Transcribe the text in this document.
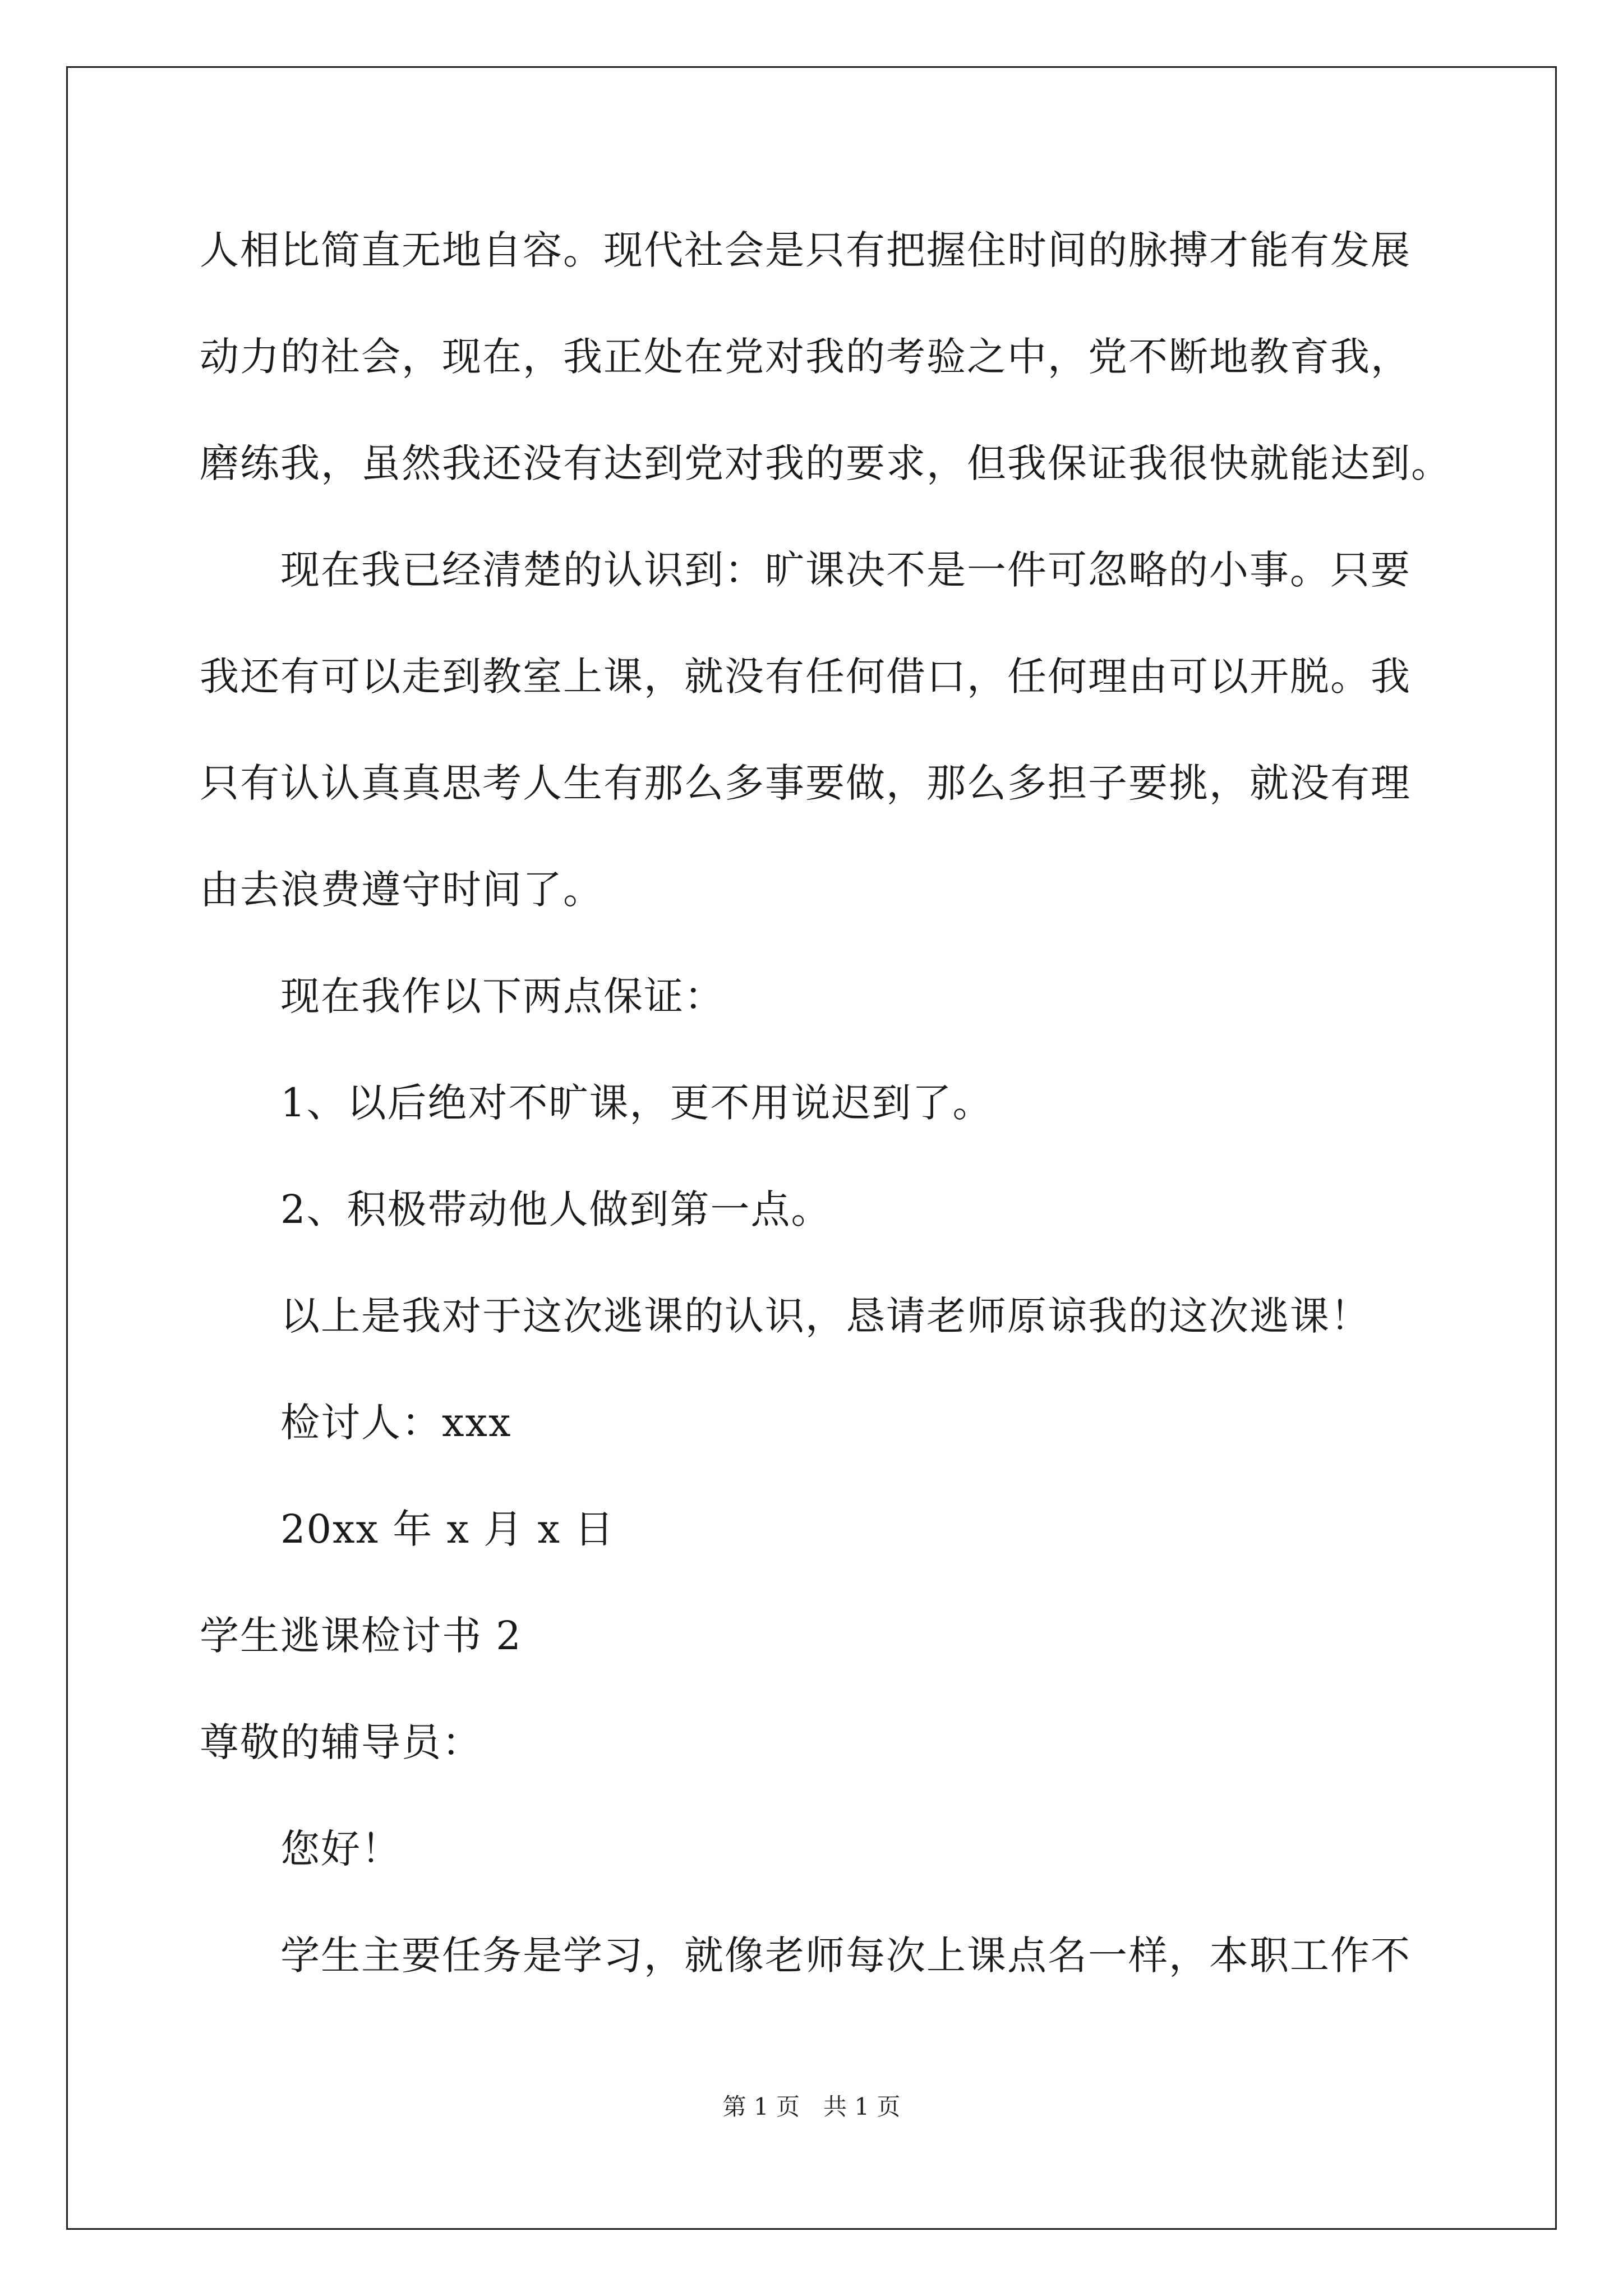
人相比简直无地自容。现代社会是只有把握住时间的脉搏才能有发展
动力的社会，现在，我正处在党对我的考验之中，党不断地教育我，
磨练我，虽然我还没有达到党对我的要求，但我保证我很快就能达到。
现在我已经清楚的认识到：旷课决不是一件可忽略的小事。只要
我还有可以走到教室上课，就没有任何借口，任何理由可以开脱。我
只有认认真真思考人生有那么多事要做，那么多担子要挑，就没有理
由去浪费遵守时间了。
现在我作以下两点保证：
1、以后绝对不旷课，更不用说迟到了。
2、积极带动他人做到第一点。
以上是我对于这次逃课的认识，恳请老师原谅我的这次逃课！
检讨人：xxx
20xx 年 x 月 x 日
学生逃课检讨书 2
尊敬的辅导员：
您好！
学生主要任务是学习，就像老师每次上课点名一样，本职工作不
第 1 页　共 1 页
